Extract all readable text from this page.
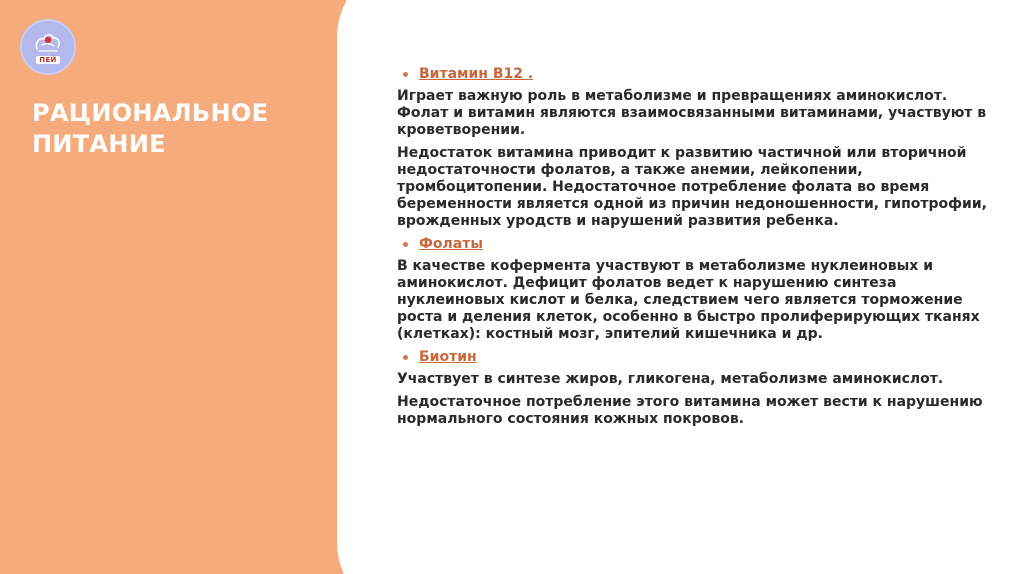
ПЕЙ
РАЦИОНАЛЬНОЕ
ПИТАНИЕ
Витамин В12 .

Играет важную роль в метаболизме и превращениях аминокислот. Фолат и витамин являются взаимосвязанными витаминами, участвуют в кроветворении.

Недостаток витамина приводит к развитию частичной или вторичной недостаточности фолатов, а также анемии, лейкопении, тромбоцитопении. Недостаточное потребление фолата во время беременности является одной из причин недоношенности, гипотрофии, врожденных уродств и нарушений развития ребенка.

Фолаты

В качестве кофермента участвуют в метаболизме нуклеиновых и аминокислот. Дефицит фолатов ведет к нарушению синтеза нуклеиновых кислот и белка, следствием чего является торможение роста и деления клеток, особенно в быстро пролиферирующих тканях (клетках): костный мозг, эпителий кишечника и др.

Биотин

Участвует в синтезе жиров, гликогена, метаболизме аминокислот.

Недостаточное потребление этого витамина может вести к нарушению нормального состояния кожных покровов.
